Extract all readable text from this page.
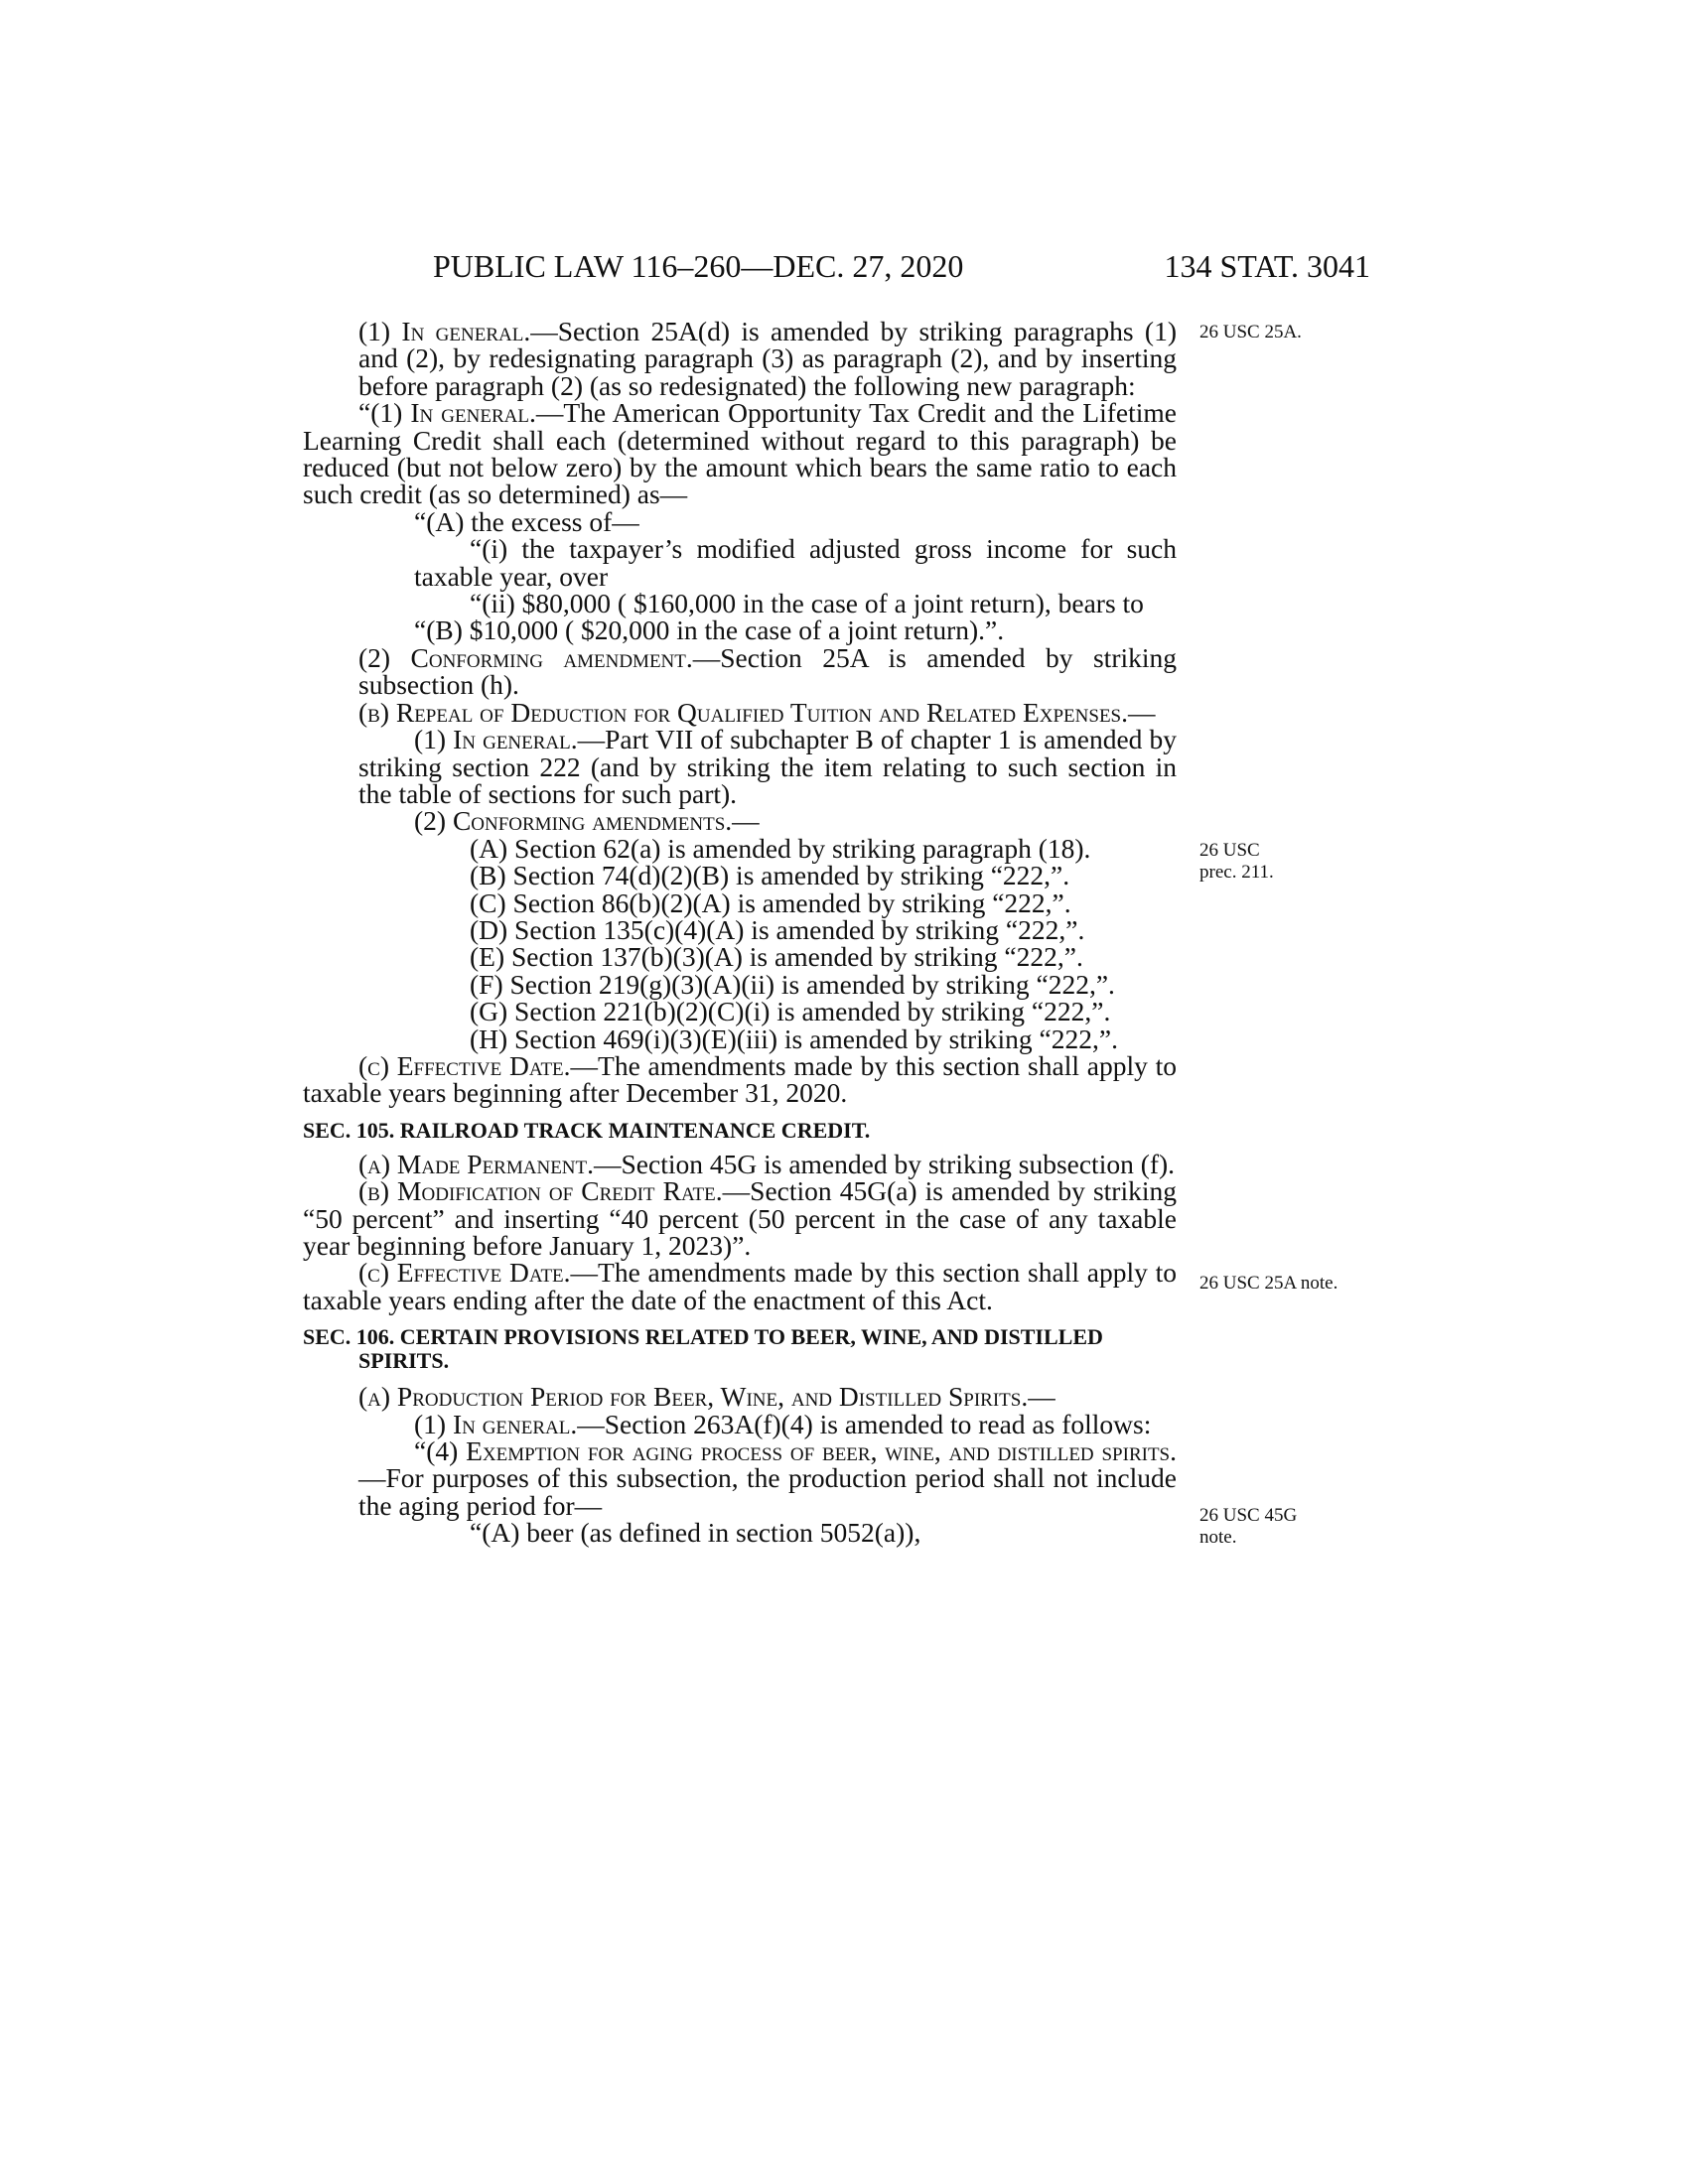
PUBLIC LAW 116–260—DEC. 27, 2020	134 STAT. 3041

(1) In general.—Section 25A(d) is amended by striking paragraphs (1) and (2), by redesignating paragraph (3) as paragraph (2), and by inserting before paragraph (2) (as so redesignated) the following new paragraph:

“(1) In general.—The American Opportunity Tax Credit and the Lifetime Learning Credit shall each (determined without regard to this paragraph) be reduced (but not below zero) by the amount which bears the same ratio to each such credit (as so determined) as—

“(A) the excess of—

“(i) the taxpayer’s modified adjusted gross income for such taxable year, over

“(ii) $80,000 ( $160,000 in the case of a joint return), bears to

“(B) $10,000 ( $20,000 in the case of a joint return).”.

(2) Conforming amendment.—Section 25A is amended by striking subsection (h).

(b) Repeal of Deduction for Qualified Tuition and Related Expenses.—

(1) In general.—Part VII of subchapter B of chapter 1 is amended by striking section 222 (and by striking the item relating to such section in the table of sections for such part).

(2) Conforming amendments.—

(A) Section 62(a) is amended by striking paragraph (18).

(B) Section 74(d)(2)(B) is amended by striking “222,”.

(C) Section 86(b)(2)(A) is amended by striking “222,”.

(D) Section 135(c)(4)(A) is amended by striking “222,”.

(E) Section 137(b)(3)(A) is amended by striking “222,”.

(F) Section 219(g)(3)(A)(ii) is amended by striking “222,”.

(G) Section 221(b)(2)(C)(i) is amended by striking “222,”.

(H) Section 469(i)(3)(E)(iii) is amended by striking “222,”.

(c) Effective Date.—The amendments made by this section shall apply to taxable years beginning after December 31, 2020.

SEC. 105. RAILROAD TRACK MAINTENANCE CREDIT.

(a) Made Permanent.—Section 45G is amended by striking subsection (f).

(b) Modification of Credit Rate.—Section 45G(a) is amended by striking “50 percent” and inserting “40 percent (50 percent in the case of any taxable year beginning before January 1, 2023)”.

(c) Effective Date.—The amendments made by this section shall apply to taxable years ending after the date of the enactment of this Act.

SEC. 106. CERTAIN PROVISIONS RELATED TO BEER, WINE, AND DISTILLED SPIRITS.

(a) Production Period for Beer, Wine, and Distilled Spirits.—

(1) In general.—Section 263A(f)(4) is amended to read as follows:

“(4) Exemption for aging process of beer, wine, and distilled spirits.—For purposes of this subsection, the production period shall not include the aging period for—

“(A) beer (as defined in section 5052(a)),

26 USC 25A.
26 USC
prec. 211.
26 USC 25A note.
26 USC 45G
note.
